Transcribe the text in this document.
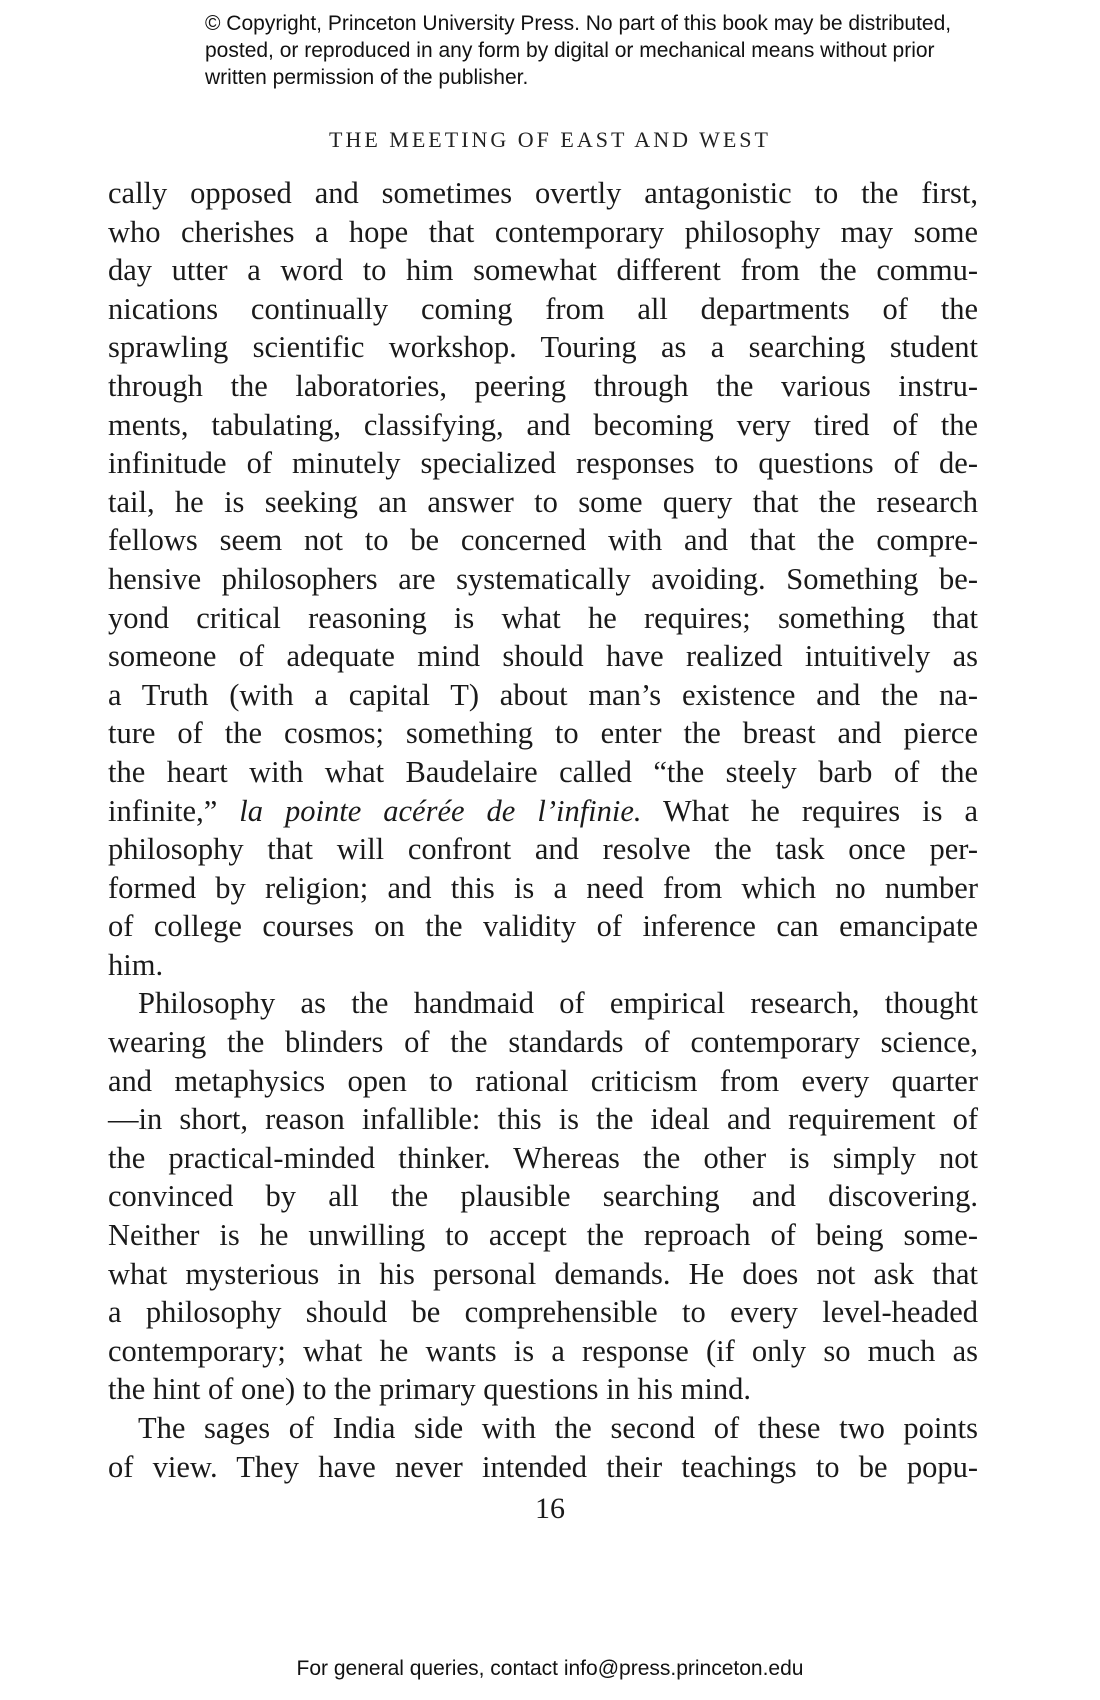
© Copyright, Princeton University Press. No part of this book may be distributed, posted, or reproduced in any form by digital or mechanical means without prior written permission of the publisher.
THE MEETING OF EAST AND WEST

cally opposed and sometimes overtly antagonistic to the first,
who cherishes a hope that contemporary philosophy may some
day utter a word to him somewhat different from the commu-
nications continually coming from all departments of the
sprawling scientific workshop. Touring as a searching student
through the laboratories, peering through the various instru-
ments, tabulating, classifying, and becoming very tired of the
infinitude of minutely specialized responses to questions of de-
tail, he is seeking an answer to some query that the research
fellows seem not to be concerned with and that the compre-
hensive philosophers are systematically avoiding. Something be-
yond critical reasoning is what he requires; something that
someone of adequate mind should have realized intuitively as
a Truth (with a capital T) about man’s existence and the na-
ture of the cosmos; something to enter the breast and pierce
the heart with what Baudelaire called “the steely barb of the
infinite,” la pointe acérée de l’infinie. What he requires is a
philosophy that will confront and resolve the task once per-
formed by religion; and this is a need from which no number
of college courses on the validity of inference can emancipate
him.

Philosophy as the handmaid of empirical research, thought
wearing the blinders of the standards of contemporary science,
and metaphysics open to rational criticism from every quarter
—in short, reason infallible: this is the ideal and requirement of
the practical-minded thinker. Whereas the other is simply not
convinced by all the plausible searching and discovering.
Neither is he unwilling to accept the reproach of being some-
what mysterious in his personal demands. He does not ask that
a philosophy should be comprehensible to every level-headed
contemporary; what he wants is a response (if only so much as
the hint of one) to the primary questions in his mind.

The sages of India side with the second of these two points
of view. They have never intended their teachings to be popu-

16
For general queries, contact info@press.princeton.edu
